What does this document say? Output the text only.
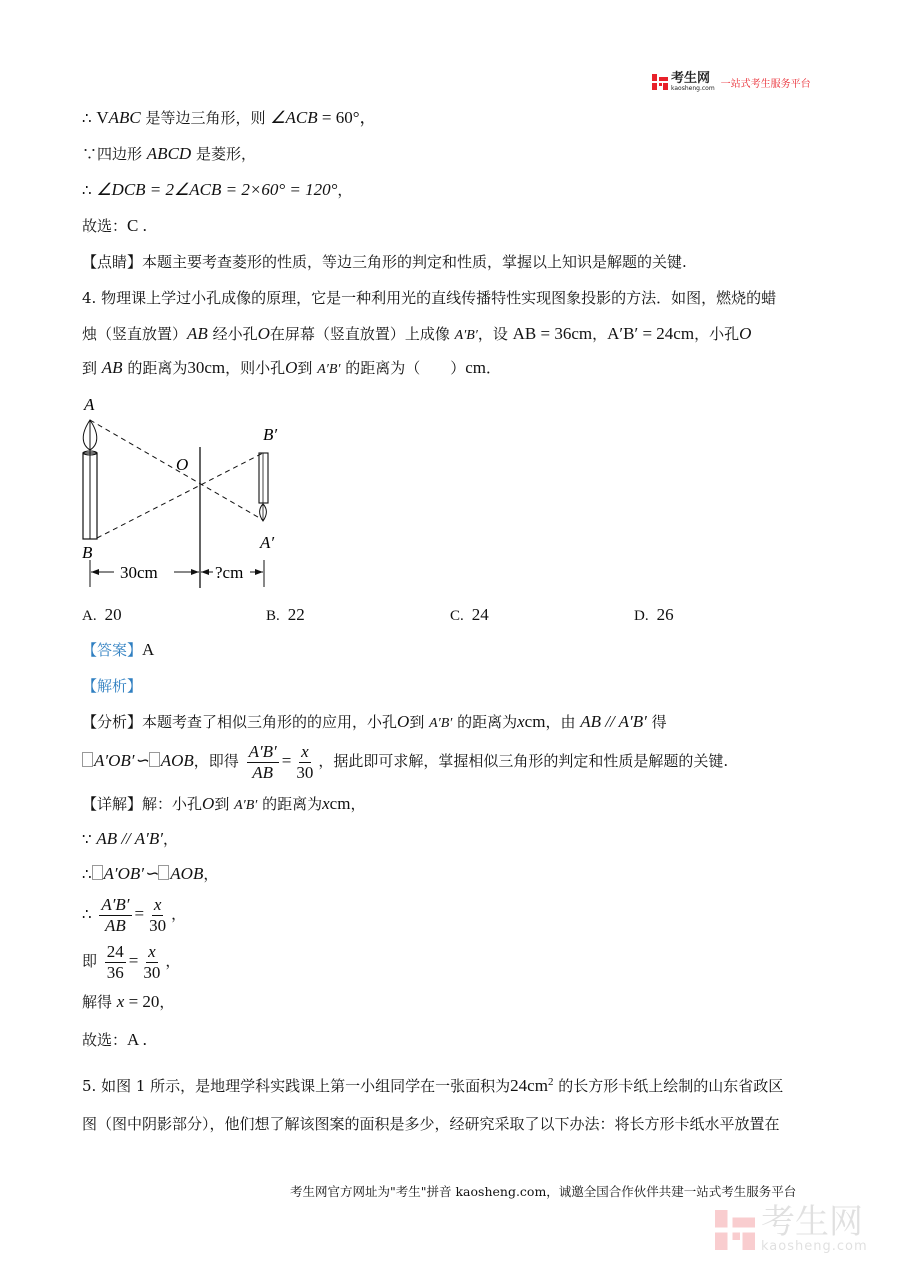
考生网
kaosheng.com 一站式考生服务平台
∴ VABC 是等边三角形，则 ∠ACB = 60°，
∵四边形 ABCD 是菱形，
∴ ∠DCB = 2∠ACB = 2×60° = 120°，
故选：C .
【点睛】本题主要考查菱形的性质，等边三角形的判定和性质，掌握以上知识是解题的关键.
4. 物理课上学过小孔成像的原理，它是一种利用光的直线传播特性实现图象投影的方法．如图，燃烧的蜡
烛（竖直放置）AB 经小孔O在屏幕（竖直放置）上成像 A′B′，设 AB = 36cm，A′B′ = 24cm，小孔O
到 AB 的距离为30cm，则小孔O到 A′B′ 的距离为（　　）cm．
A
B
O
B′
A′
30cm	?cm
A. 20	B. 22	C. 24	D. 26
【答案】A
【解析】
【分析】本题考查了相似三角形的的应用，小孔O到 A′B′ 的距离为xcm，由 AB // A′B′ 得
A′OB′∽ AOB，即得 $\frac{A'B'}{AB} = \frac{x}{30}$ ，据此即可求解，掌握相似三角形的判定和性质是解题的关键.
【详解】解：小孔O到 A′B′ 的距离为xcm，
∵ AB // A′B′，
∴ A′OB′∽ AOB，
∴ $\frac{A'B'}{AB} = \frac{x}{30}$ ，
即 $\frac{24}{36} = \frac{x}{30}$ ，
解得 x = 20，
故选：A .
5. 如图 1 所示，是地理学科实践课上第一小组同学在一张面积为$24cm^2$ 的长方形卡纸上绘制的山东省政区
图（图中阴影部分），他们想了解该图案的面积是多少，经研究采取了以下办法：将长方形卡纸水平放置在
考生网官方网址为"考生"拼音 kaosheng.com，诚邀全国合作伙伴共建一站式考生服务平台
考生网
kaosheng.com
